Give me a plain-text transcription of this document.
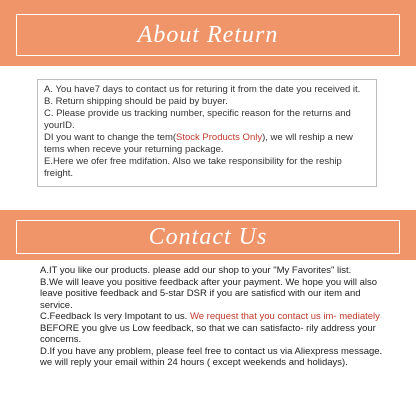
About Return

A. You have7 days to contact us for returing it from the date you received it.

B. Return shipping should be paid by buyer.

C. Please provide us tracking number, specific reason for the returns and yourID.

DI you want to change the tem(Stock Products Only), we wll reship a new tems when receve your returning package.

E.Here we ofer free mdifation. Also we take responsibility for the reship freight.

Contact Us

A.IT you like our products. please add our shop to your "My Favorites" list.

B.We will leave you positive feedback after your payment. We hope you will also leave positive feedback and 5-star DSR if you are satisficd with our item and service.

C.Feedback Is very Impotant to us. We request that you contact us im- mediately BEFORE you glve us Low feedback, so that we can satisfacto- rily address your concerns.

D.If you have any problem, please feel free to contact us via Aliexpress message. we will reply your email within 24 hours ( except weekends and holidays).
